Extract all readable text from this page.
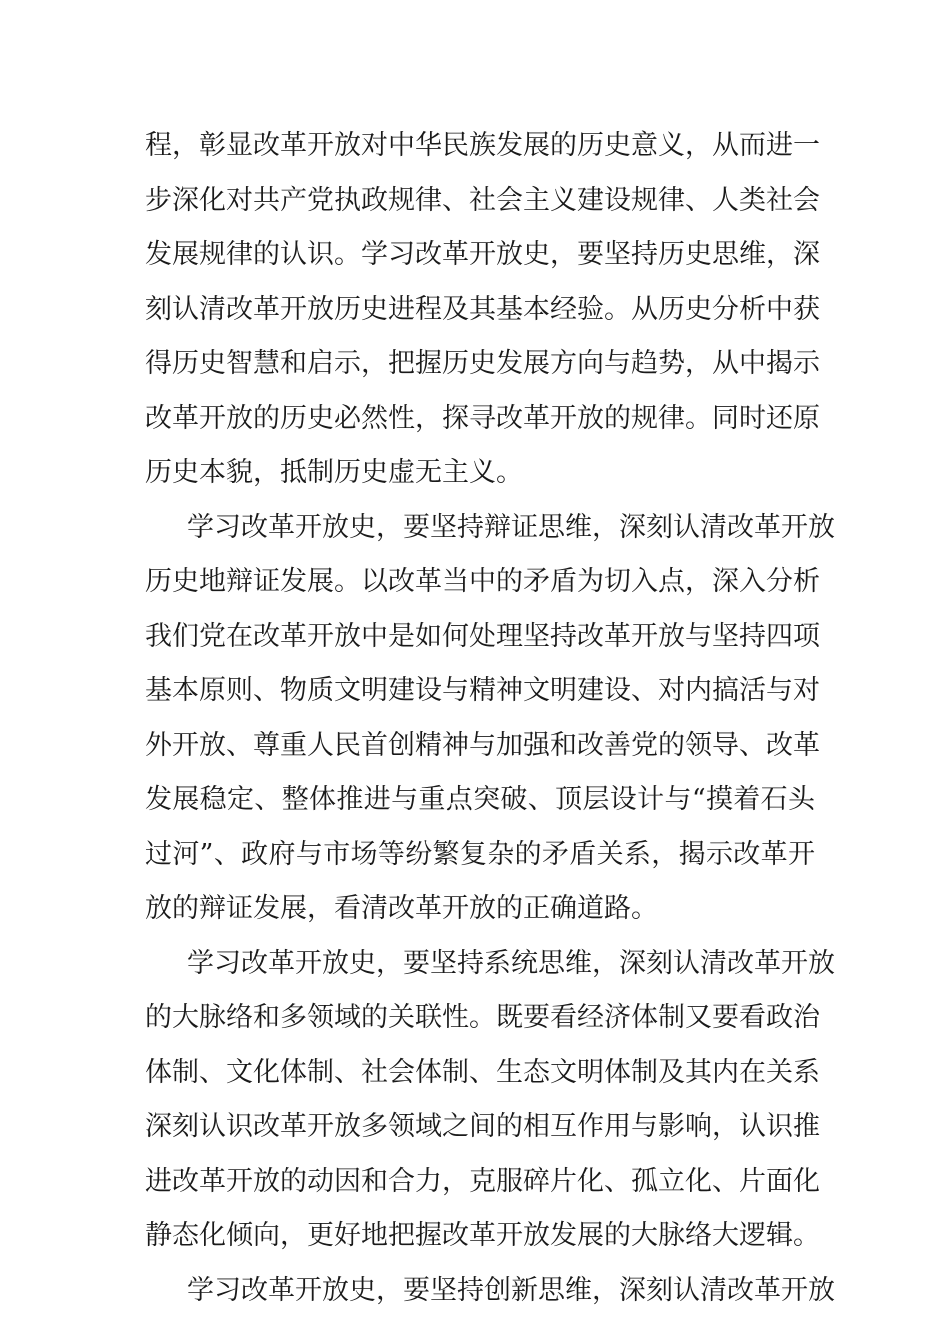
程，彰显改革开放对中华民族发展的历史意义，从而进一
步深化对共产党执政规律、社会主义建设规律、人类社会
发展规律的认识。学习改革开放史，要坚持历史思维，深
刻认清改革开放历史进程及其基本经验。从历史分析中获
得历史智慧和启示，把握历史发展方向与趋势，从中揭示
改革开放的历史必然性，探寻改革开放的规律。同时还原
历史本貌，抵制历史虚无主义。
学习改革开放史，要坚持辩证思维，深刻认清改革开放
历史地辩证发展。以改革当中的矛盾为切入点，深入分析
我们党在改革开放中是如何处理坚持改革开放与坚持四项
基本原则、物质文明建设与精神文明建设、对内搞活与对
外开放、尊重人民首创精神与加强和改善党的领导、改革
发展稳定、整体推进与重点突破、顶层设计与“摸着石头
过河”、政府与市场等纷繁复杂的矛盾关系，揭示改革开
放的辩证发展，看清改革开放的正确道路。
学习改革开放史，要坚持系统思维，深刻认清改革开放
的大脉络和多领域的关联性。既要看经济体制又要看政治
体制、文化体制、社会体制、生态文明体制及其内在关系
深刻认识改革开放多领域之间的相互作用与影响，认识推
进改革开放的动因和合力，克服碎片化、孤立化、片面化
静态化倾向，更好地把握改革开放发展的大脉络大逻辑。
学习改革开放史，要坚持创新思维，深刻认清改革开放
